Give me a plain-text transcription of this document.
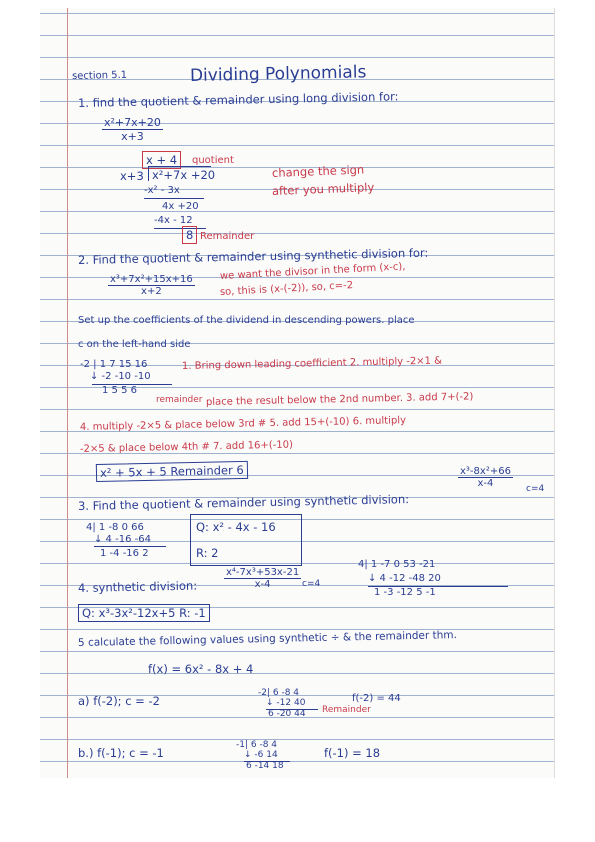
section 5.1	Dividing Polynomials
1. find the quotient & remainder using long division for:
$\frac{\text{x²+7x+20}}{x+3}$
x + 4	quotient
x+3 x²+7x +20
-x² - 3x
4x +20
-4x - 12
8 Remainder
change the sign
after you multiply
2. Find the quotient & remainder using synthetic division for:
$\frac{\text{x³+7x²+15x+16}}{x+2}$
we want the divisor in the form (x-c),
so, this is (x-(-2)), so, c=-2
Set up the coefficients of the dividend in descending powers. place
c on the left-hand side
-2 | 1 7 15 16
↓ -2 -10 -10
1 5 5 6
remainder
1. Bring down leading coefficient 2. multiply -2×1 &
place the result below the 2nd number. 3. add 7+(-2)
4. multiply -2×5 & place below 3rd # 5. add 15+(-10) 6. multiply
-2×5 & place below 4th # 7. add 16+(-10)
x² + 5x + 5 Remainder 6	$\frac{\text{x³-8x²+66}}{x-4} c=4$
3. Find the quotient & remainder using synthetic division:
4| 1 -8 0 66
↓ 4 -16 -64
1 -4 -16 2
Q: x² - 4x - 16
R: 2
$\frac{\text{x⁴-7x³+53x-21}}{x-4} c=4$
4| 1 -7 0 53 -21
↓ 4 -12 -48 20
1 -3 -12 5 -1
4. synthetic division:
Q: x³-3x²-12x+5 R: -1
5 calculate the following values using synthetic ÷ & the remainder thm.
f(x) = 6x² - 8x + 4
a) f(-2); c = -2
-2| 6 -8 4
↓ -12 40
6 -20 44 Remainder
f(-2) = 44
b.) f(-1); c = -1
-1| 6 -8 4
↓ -6 14
6 -14 18
f(-1) = 18
